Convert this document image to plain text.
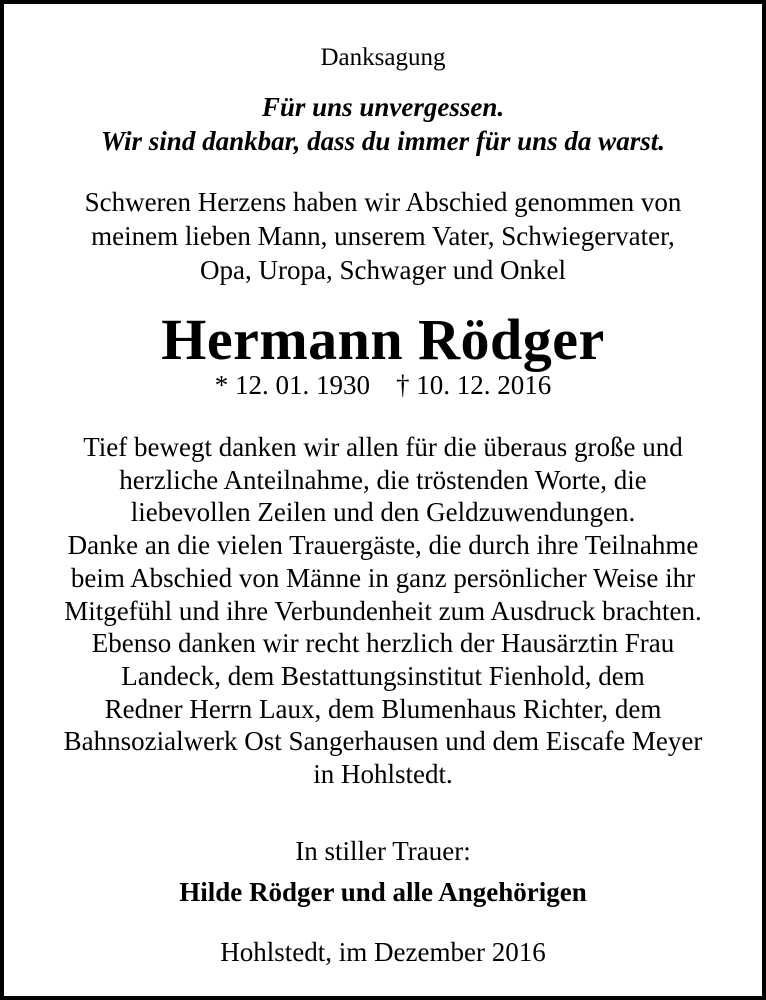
Danksagung
Für uns unvergessen.
Wir sind dankbar, dass du immer für uns da warst.
Schweren Herzens haben wir Abschied genommen von
meinem lieben Mann, unserem Vater, Schwiegervater,
Opa, Uropa, Schwager und Onkel
Hermann Rödger
* 12. 01. 1930 † 10. 12. 2016
Tief bewegt danken wir allen für die überaus große und
herzliche Anteilnahme, die tröstenden Worte, die
liebevollen Zeilen und den Geldzuwendungen.
Danke an die vielen Trauergäste, die durch ihre Teilnahme
beim Abschied von Männe in ganz persönlicher Weise ihr
Mitgefühl und ihre Verbundenheit zum Ausdruck brachten.
Ebenso danken wir recht herzlich der Hausärztin Frau
Landeck, dem Bestattungsinstitut Fienhold, dem
Redner Herrn Laux, dem Blumenhaus Richter, dem
Bahnsozialwerk Ost Sangerhausen und dem Eiscafe Meyer
in Hohlstedt.
In stiller Trauer:
Hilde Rödger und alle Angehörigen
Hohlstedt, im Dezember 2016
